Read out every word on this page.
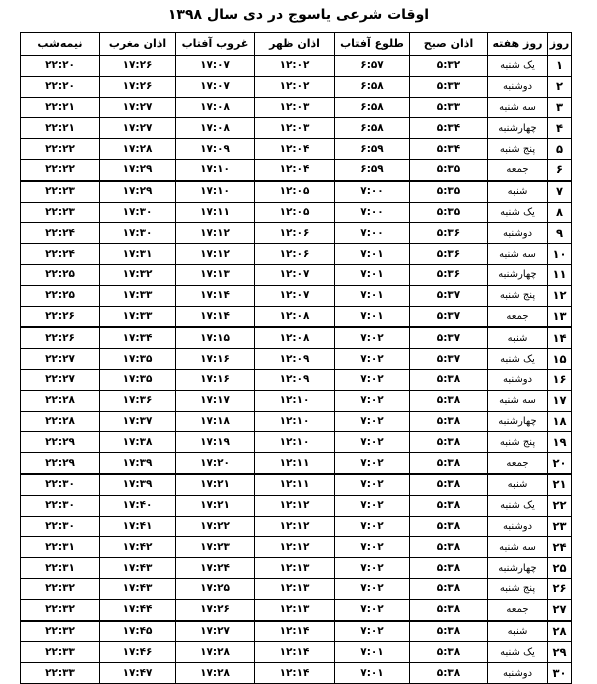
اوقات شرعی یاسوج در دی سال ۱۳۹۸
روز	روز هفته	اذان صبح	طلوع آفتاب	اذان ظهر	غروب آفتاب	اذان مغرب	نیمه‌شب
۱	یک شنبه	۵:۳۲	۶:۵۷	۱۲:۰۲	۱۷:۰۷	۱۷:۲۶	۲۲:۲۰
۲	دوشنبه	۵:۳۳	۶:۵۸	۱۲:۰۲	۱۷:۰۷	۱۷:۲۶	۲۲:۲۰
۳	سه شنبه	۵:۳۳	۶:۵۸	۱۲:۰۳	۱۷:۰۸	۱۷:۲۷	۲۲:۲۱
۴	چهارشنبه	۵:۳۴	۶:۵۸	۱۲:۰۳	۱۷:۰۸	۱۷:۲۷	۲۲:۲۱
۵	پنج شنبه	۵:۳۴	۶:۵۹	۱۲:۰۴	۱۷:۰۹	۱۷:۲۸	۲۲:۲۲
۶	جمعه	۵:۳۵	۶:۵۹	۱۲:۰۴	۱۷:۱۰	۱۷:۲۹	۲۲:۲۲
۷	شنبه	۵:۳۵	۷:۰۰	۱۲:۰۵	۱۷:۱۰	۱۷:۲۹	۲۲:۲۳
۸	یک شنبه	۵:۳۵	۷:۰۰	۱۲:۰۵	۱۷:۱۱	۱۷:۳۰	۲۲:۲۳
۹	دوشنبه	۵:۳۶	۷:۰۰	۱۲:۰۶	۱۷:۱۲	۱۷:۳۰	۲۲:۲۴
۱۰	سه شنبه	۵:۳۶	۷:۰۱	۱۲:۰۶	۱۷:۱۲	۱۷:۳۱	۲۲:۲۴
۱۱	چهارشنبه	۵:۳۶	۷:۰۱	۱۲:۰۷	۱۷:۱۳	۱۷:۳۲	۲۲:۲۵
۱۲	پنج شنبه	۵:۳۷	۷:۰۱	۱۲:۰۷	۱۷:۱۴	۱۷:۳۳	۲۲:۲۵
۱۳	جمعه	۵:۳۷	۷:۰۱	۱۲:۰۸	۱۷:۱۴	۱۷:۳۳	۲۲:۲۶
۱۴	شنبه	۵:۳۷	۷:۰۲	۱۲:۰۸	۱۷:۱۵	۱۷:۳۴	۲۲:۲۶
۱۵	یک شنبه	۵:۳۷	۷:۰۲	۱۲:۰۹	۱۷:۱۶	۱۷:۳۵	۲۲:۲۷
۱۶	دوشنبه	۵:۳۸	۷:۰۲	۱۲:۰۹	۱۷:۱۶	۱۷:۳۵	۲۲:۲۷
۱۷	سه شنبه	۵:۳۸	۷:۰۲	۱۲:۱۰	۱۷:۱۷	۱۷:۳۶	۲۲:۲۸
۱۸	چهارشنبه	۵:۳۸	۷:۰۲	۱۲:۱۰	۱۷:۱۸	۱۷:۳۷	۲۲:۲۸
۱۹	پنج شنبه	۵:۳۸	۷:۰۲	۱۲:۱۰	۱۷:۱۹	۱۷:۳۸	۲۲:۲۹
۲۰	جمعه	۵:۳۸	۷:۰۲	۱۲:۱۱	۱۷:۲۰	۱۷:۳۹	۲۲:۲۹
۲۱	شنبه	۵:۳۸	۷:۰۲	۱۲:۱۱	۱۷:۲۱	۱۷:۳۹	۲۲:۳۰
۲۲	یک شنبه	۵:۳۸	۷:۰۲	۱۲:۱۲	۱۷:۲۱	۱۷:۴۰	۲۲:۳۰
۲۳	دوشنبه	۵:۳۸	۷:۰۲	۱۲:۱۲	۱۷:۲۲	۱۷:۴۱	۲۲:۳۰
۲۴	سه شنبه	۵:۳۸	۷:۰۲	۱۲:۱۲	۱۷:۲۳	۱۷:۴۲	۲۲:۳۱
۲۵	چهارشنبه	۵:۳۸	۷:۰۲	۱۲:۱۳	۱۷:۲۴	۱۷:۴۳	۲۲:۳۱
۲۶	پنج شنبه	۵:۳۸	۷:۰۲	۱۲:۱۳	۱۷:۲۵	۱۷:۴۳	۲۲:۳۲
۲۷	جمعه	۵:۳۸	۷:۰۲	۱۲:۱۳	۱۷:۲۶	۱۷:۴۴	۲۲:۳۲
۲۸	شنبه	۵:۳۸	۷:۰۲	۱۲:۱۴	۱۷:۲۷	۱۷:۴۵	۲۲:۳۲
۲۹	یک شنبه	۵:۳۸	۷:۰۱	۱۲:۱۴	۱۷:۲۸	۱۷:۴۶	۲۲:۳۳
۳۰	دوشنبه	۵:۳۸	۷:۰۱	۱۲:۱۴	۱۷:۲۸	۱۷:۴۷	۲۲:۳۳
